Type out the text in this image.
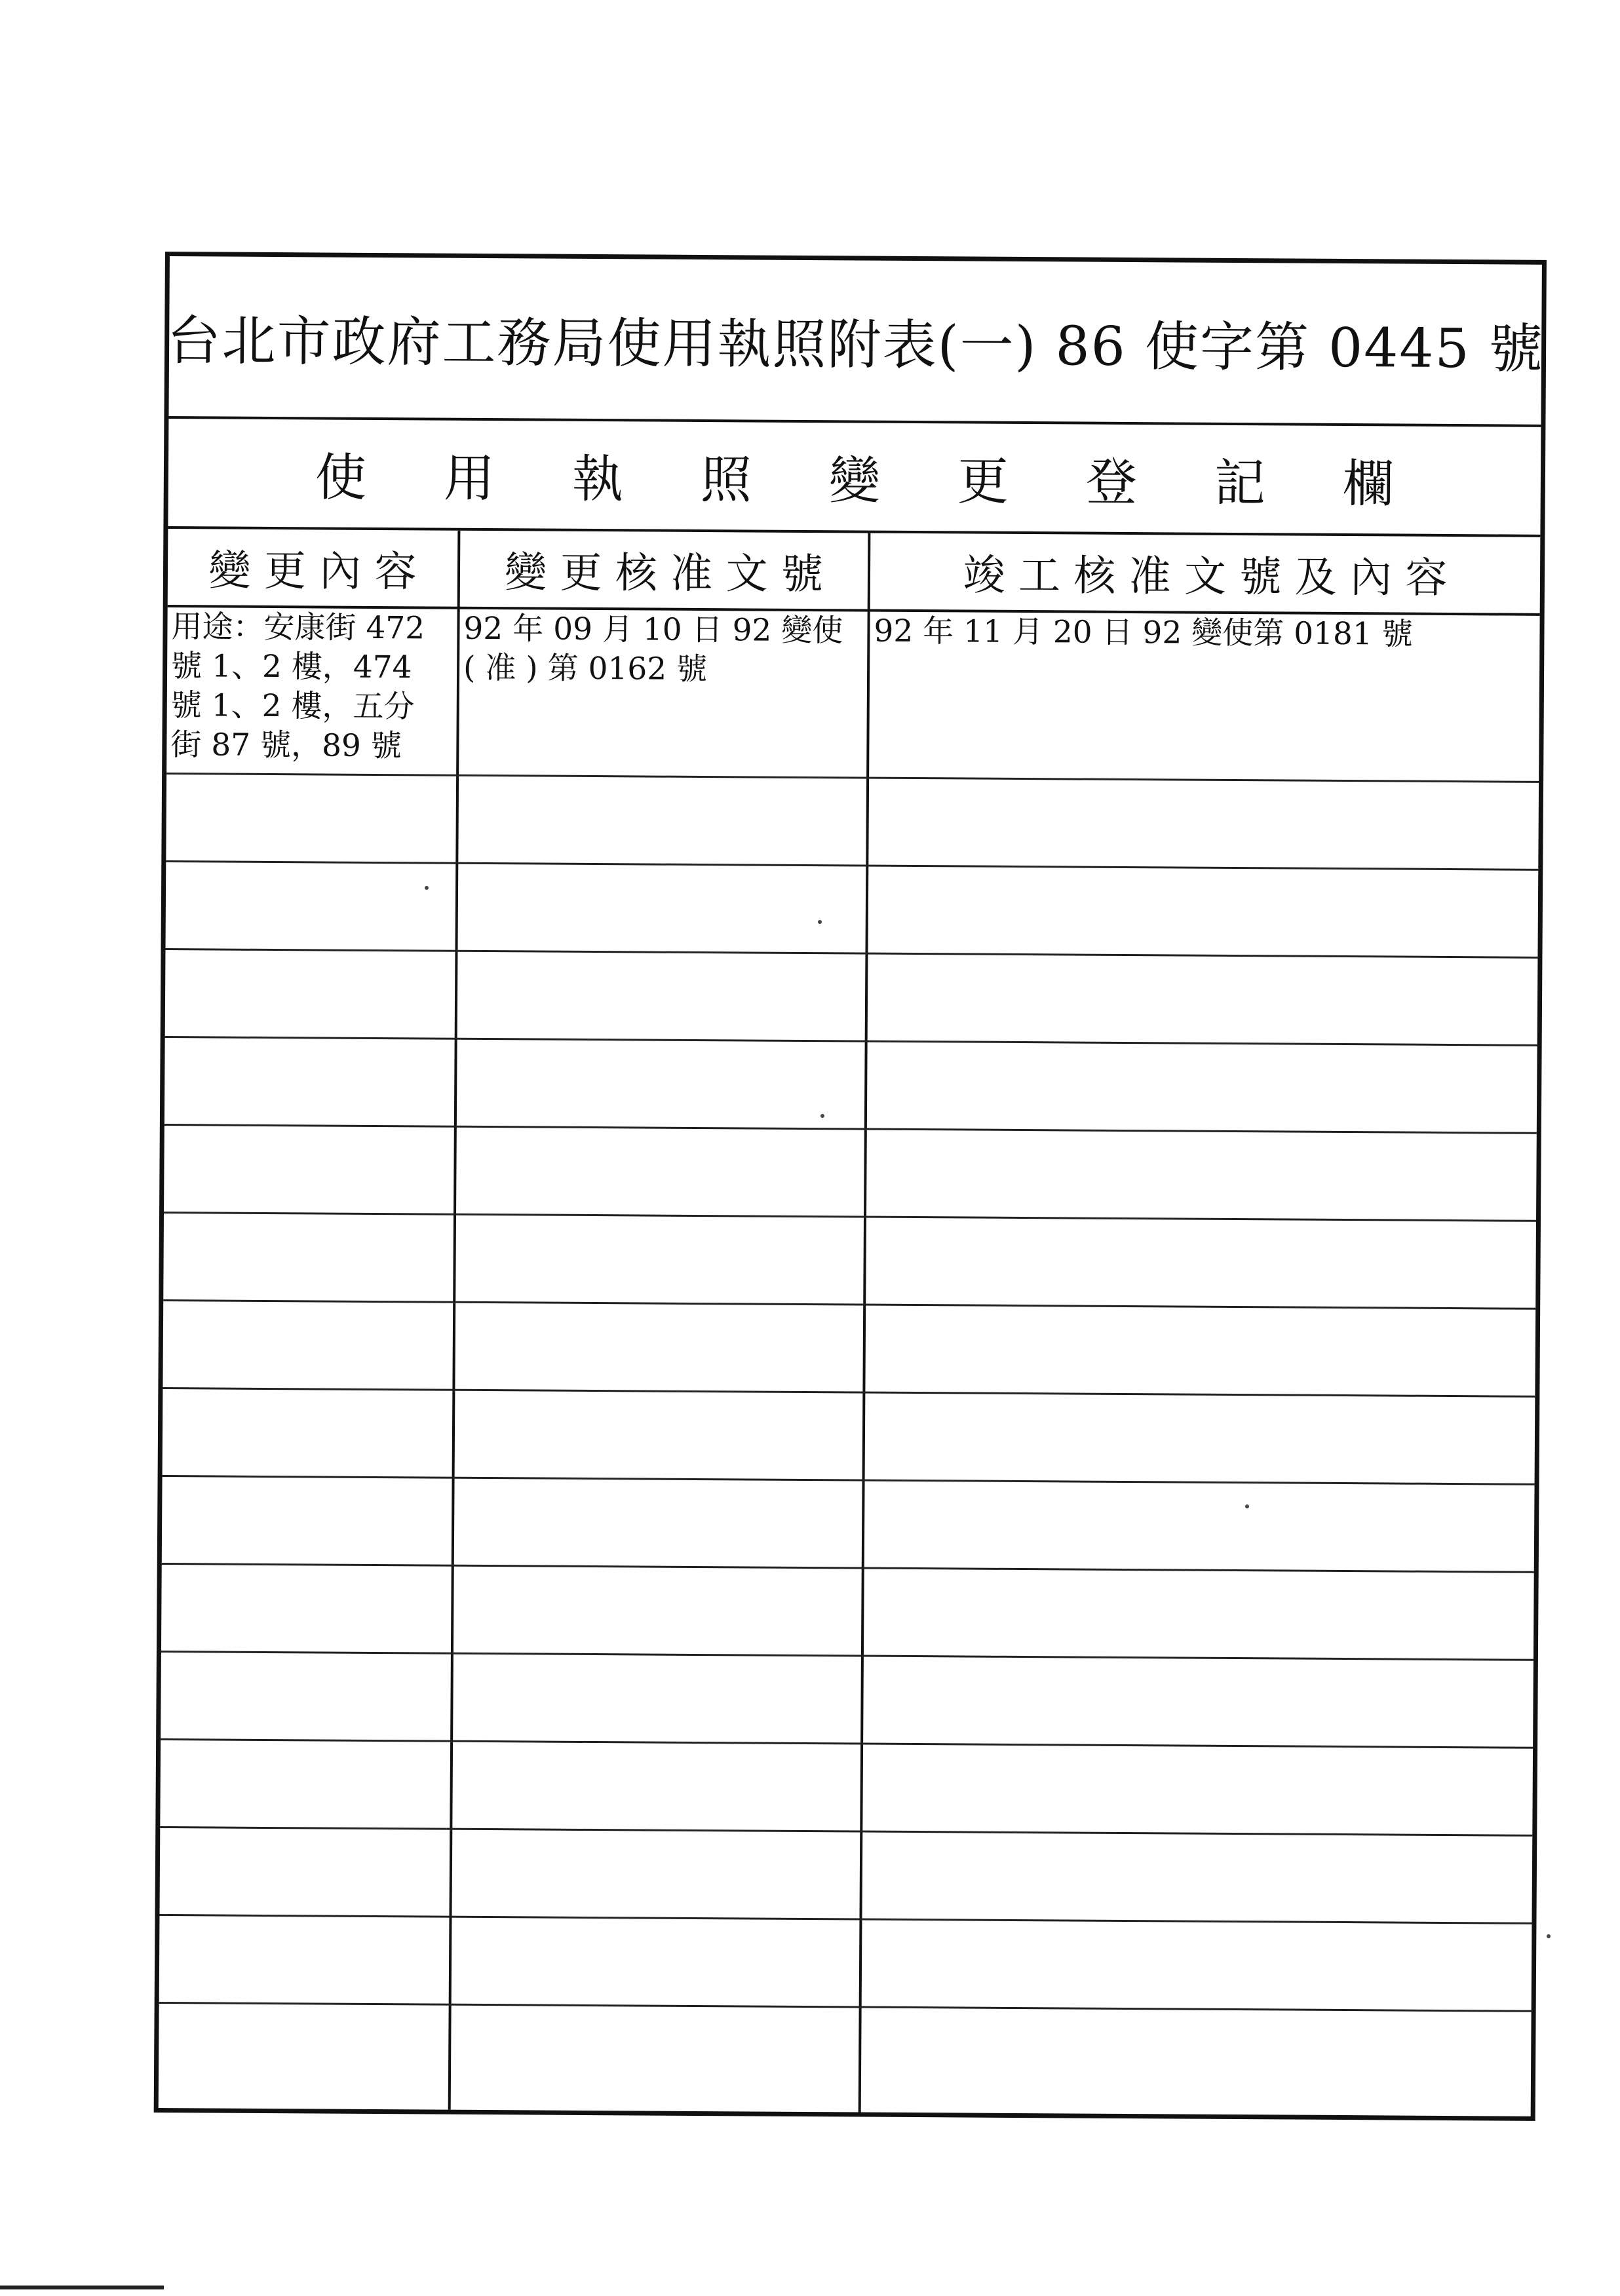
台北市政府工務局使用執照附表(一) 86 使字第 0445 號
使用執照變更登記欄
變 更 內 容	變 更 核 准 文 號	竣 工 核 准 文 號 及 內 容
用途：安康街 472
號 1、2 樓，474
號 1、2 樓，五分
街 87 號，89 號
92 年 09 月 10 日 92 變使
( 准 ) 第 0162 號
92 年 11 月 20 日 92 變使第 0181 號
